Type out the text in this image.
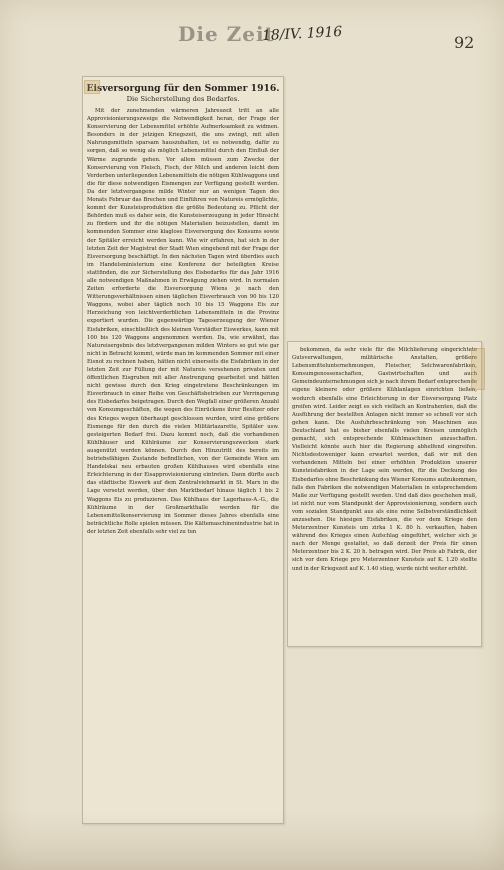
Die Zeit
18/IV. 1916	92
Eisversorgung für den Sommer 1916.
Die Sicherstellung des Bedarfes.
Mit der zunehmenden wärmeren Jahreszeit tritt an alle Approvisionierungszweige die Notwendigkeit heran, der Frage der Konservierung der Lebensmittel erhöhte Aufmerksamkeit zu widmen. Besonders in der jetzigen Kriegszeit, die uns zwingt, mit allen Nahrungsmitteln sparsam hauszuhalten, ist es notwendig, dafür zu sorgen, daß so wenig als möglich Lebensmittel durch den Einfluß der Wärme zugrunde gehen. Vor allem müssen zum Zwecke der Konservierung von Fleisch, Fisch, der Milch und anderen leicht dem Verderben unterliegenden Lebensmitteln die nötigen Kühlwaggons und die für diese notwendigen Eismengen zur Verfügung gestellt werden. Da der letztvergangene milde Winter nur an wenigen Tagen des Monats Februar das Brechen und Einführen von Natureis ermöglichte, kommt der Kunsteisproduktion die größte Bedeutung zu. Pflicht der Behörden muß es daher sein, die Kunsteiserzeugung in jeder Hinsicht zu fördern und ihr die nötigen Materialien beizustellen, damit im kommenden Sommer eine klaglose Eisversorgung des Konsums sowie der Spitäler erreicht werden kann. Wie wir erfahren, hat sich in der letzten Zeit der Magistrat der Stadt Wien eingehend mit der Frage der Eisversorgung beschäftigt. In den nächsten Tagen wird überdies auch im Handelsministerium eine Konferenz der beteiligten Kreise stattfinden, die zur Sicherstellung des Eisbedarfes für das Jahr 1916 alle notwendigen Maßnahmen in Erwägung ziehen wird. In normalen Zeiten erforderte die Eisversorgung Wiens je nach den Witterungsverhältnissen einen täglichen Eisverbrauch von 90 bis 120 Waggons, wobei aber täglich noch 10 bis 15 Waggons Eis zur Herzeichung von leichtverderblichen Lebensmitteln in die Provinz exportiert wurden. Die gegenwärtige Tageserzeugung der Wiener Eisfabriken, einschließlich des kleinen Vorstädter Eiswerkes, kann mit 100 bis 120 Waggons angenommen werden. Da, wie erwähnt, das Natureisergebnis des letztvergangenen milden Winters so gut wie gar nicht in Betracht kommt, würde man im kommenden Sommer mit einer Eisnot zu rechnen haben, hätten nicht einerseits die Eisfabriken in der letzten Zeit zur Füllung der mit Natureis versehenen privaten und öffentlichen Eisgruben mit aller Anstrengung gearbeitet und hätten nicht gewisse durch den Krieg eingetretene Beschränkungen im Eisverbrauch in einer Reihe von Geschäftsbetrieben zur Verringerung des Eisbedarfes beigetragen. Durch den Wegfall einer größeren Anzahl von Konsumgeschäften, die wegen des Einrückens ihrer Besitzer oder des Krieges wegen überhaupt geschlossen wurden, wird eine größere Eismenge für den durch die vielen Militärlazarette, Spitäler usw. gesteigerten Bedarf frei. Dazu kommt noch, daß die vorhandenen Kühlhäuser und Kühlräume zur Konservierungszwecken stark ausgenützt werden können. Durch den Hinzutritt des bereits im betriebsfähigen Zustande befindlichen, von der Gemeinde Wien am Handelskai neu erbauten großen Kühlhauses wird ebenfalls eine Erleichterung in der Eisapprovisionierung eintreten. Dann dürfte auch das städtische Eiswerk auf dem Zentralviehmarkt in St. Marx in die Lage versetzt werden, über den Marktbedarf hinaus täglich 1 bis 2 Waggons Eis zu produzieren. Das Kühlhaus der Lagerhaus-A.-G., die Kühlräume in der Großmarkthalle werden für die Lebensmittelkonservierung im Sommer dieses Jahres ebenfalls eine beträchtliche Rolle spielen müssen. Die Kältemaschinenindustrie hat in der letzten Zeit ebenfalls sehr viel zu tun
bekommen, da sehr viele für die Milchlieferung eingerichtete Gutsverwaltungen, militärische Anstalten, größere Lebensmittelunternehmungen, Fleischer, Selchwarenfabriken, Konsumgenossenschaften, Gastwirtschaften und auch Gemeindeunternehmungen sich je nach ihrem Bedarf entsprechende eigene kleinere oder größere Kühlanlagen einrichten ließen, wodurch ebenfalls eine Erleichterung in der Eisversorgung Platz greifen wird. Leider zeigt es sich vielfach an Kontrahenten, daß die Ausführung der bestellten Anlagen nicht immer so schnell vor sich gehen kann. Die Ausfuhrbeschränkung von Maschinen aus Deutschland hat es bisher ebenfalls vielen Kreisen unmöglich gemacht, sich entsprechende Kühlmaschinen anzuschaffen. Vielleicht könnte auch hier die Regierung abhelfend eingreifen. Nichtsdestoweniger kann erwartet werden, daß wir mit den vorhandenen Mitteln bei einer erhöhten Produktion unserer Kunsteisfabriken in der Lage sein werden, für die Deckung des Eisbedarfes ohne Beschränkung des Wiener Konsums aufzukommen, falls den Fabriken die notwendigen Materialien in entsprechendem Maße zur Verfügung gestellt werden. Und daß dies geschehen muß, ist nicht nur vom Standpunkt der Approvisionierung, sondern auch vom sozialen Standpunkt aus als eine reine Selbstverständlichkeit anzusehen. Die hiesigen Eisfabriken, die vor dem Kriege den Meterzentner Kunsteis um zirka 1 K. 80 h. verkauften, haben während des Krieges einen Aufschlag eingeführt, welcher sich je nach der Menge gestaltet, so daß derzeit der Preis für einen Meterzentner bis 2 K. 20 h. betragen wird. Der Preis ab Fabrik, der sich vor dem Kriege pro Meterzentner Kunsteis auf K. 1.20 stellte und in der Kriegszeit auf K. 1.40 stieg, wurde nicht weiter erhöht.
